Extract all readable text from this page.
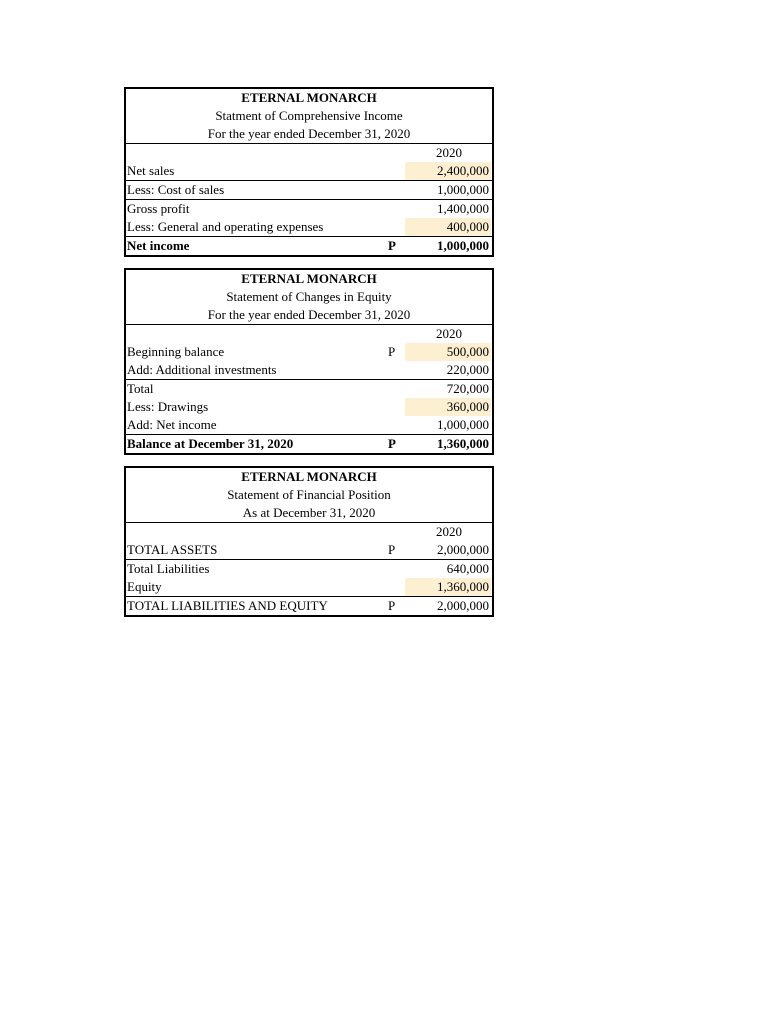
ETERNAL MONARCH
Statment of Comprehensive Income
For the year ended December 31, 2020
2020
Net sales	2,400,000
Less: Cost of sales	1,000,000
Gross profit	1,400,000
Less: General and operating expenses	400,000
Net income	P	1,000,000
ETERNAL MONARCH
Statement of Changes in Equity
For the year ended December 31, 2020
2020
Beginning balance	P	500,000
Add: Additional investments	220,000
Total	720,000
Less: Drawings	360,000
Add: Net income	1,000,000
Balance at December 31, 2020	P	1,360,000
ETERNAL MONARCH
Statement of Financial Position
As at December 31, 2020
2020
TOTAL ASSETS	P	2,000,000
Total Liabilities	640,000
Equity	1,360,000
TOTAL LIABILITIES AND EQUITY	P	2,000,000
